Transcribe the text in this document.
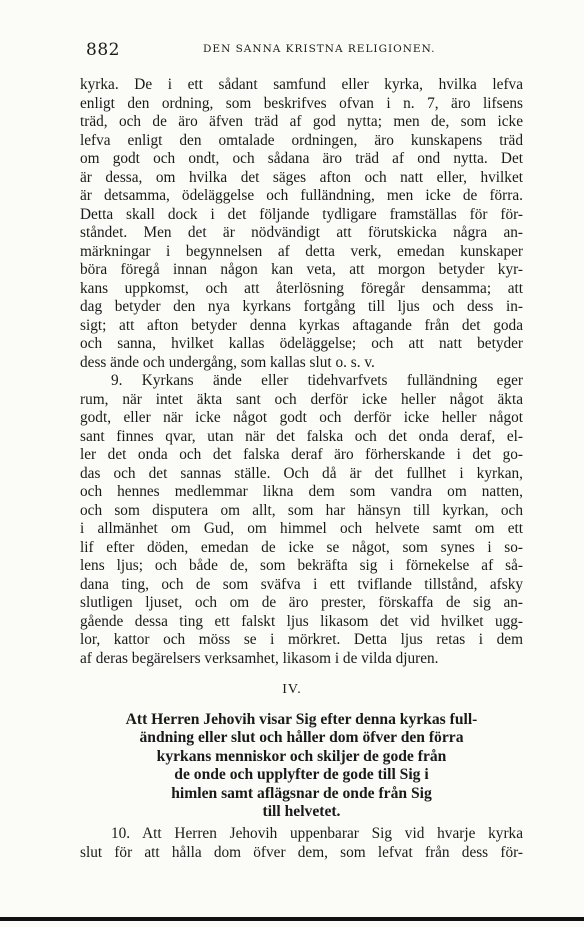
882	DEN SANNA KRISTNA RELIGIONEN.
kyrka. De i ett sådant samfund eller kyrka, hvilka lefva
enligt den ordning, som beskrifves ofvan i n. 7, äro lifsens
träd, och de äro äfven träd af god nytta; men de, som icke
lefva enligt den omtalade ordningen, äro kunskapens träd
om godt och ondt, och sådana äro träd af ond nytta. Det
är dessa, om hvilka det säges afton och natt eller, hvilket
är detsamma, ödeläggelse och fulländning, men icke de förra.
Detta skall dock i det följande tydligare framställas för för-
ståndet. Men det är nödvändigt att förutskicka några an-
märkningar i begynnelsen af detta verk, emedan kunskaper
böra föregå innan någon kan veta, att morgon betyder kyr-
kans uppkomst, och att återlösning föregår densamma; att
dag betyder den nya kyrkans fortgång till ljus och dess in-
sigt; att afton betyder denna kyrkas aftagande från det goda
och sanna, hvilket kallas ödeläggelse; och att natt betyder
dess ände och undergång, som kallas slut o. s. v.
9. Kyrkans ände eller tidehvarfvets fulländning eger
rum, när intet äkta sant och derför icke heller något äkta
godt, eller när icke något godt och derför icke heller något
sant finnes qvar, utan när det falska och det onda deraf, el-
ler det onda och det falska deraf äro förherskande i det go-
das och det sannas ställe. Och då är det fullhet i kyrkan,
och hennes medlemmar likna dem som vandra om natten,
och som disputera om allt, som har hänsyn till kyrkan, och
i allmänhet om Gud, om himmel och helvete samt om ett
lif efter döden, emedan de icke se något, som synes i so-
lens ljus; och både de, som bekräfta sig i förnekelse af så-
dana ting, och de som sväfva i ett tviflande tillstånd, afsky
slutligen ljuset, och om de äro prester, förskaffa de sig an-
gående dessa ting ett falskt ljus likasom det vid hvilket ugg-
lor, kattor och möss se i mörkret. Detta ljus retas i dem
af deras begärelsers verksamhet, likasom i de vilda djuren.
IV.
Att Herren Jehovih visar Sig efter denna kyrkas full-
ändning eller slut och håller dom öfver den förra
kyrkans menniskor och skiljer de gode från
de onde och upplyfter de gode till Sig i
himlen samt aflägsnar de onde från Sig
till helvetet.
10. Att Herren Jehovih uppenbarar Sig vid hvarje kyrka
slut för att hålla dom öfver dem, som lefvat från dess för-
